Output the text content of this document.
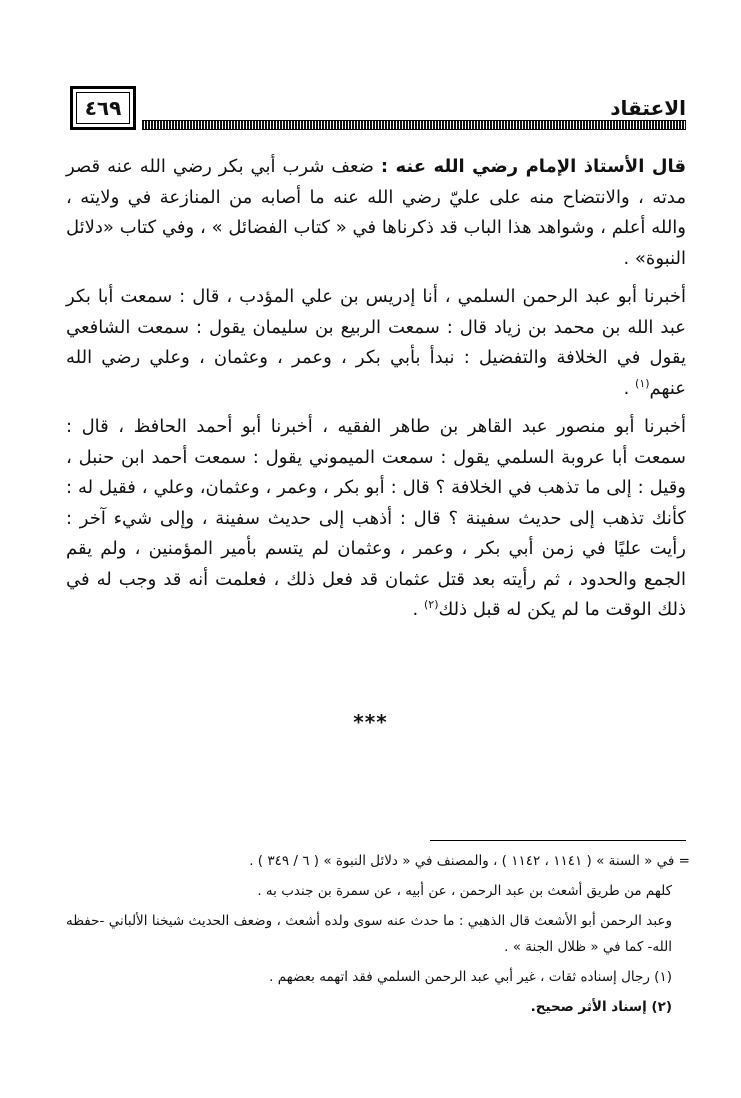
٤٦٩	الاعتقاد

قال الأستاذ الإمام رضي الله عنه : ضعف شرب أبي بكر رضي الله عنه قصر مدته ، والانتضاح منه على عليّ رضي الله عنه ما أصابه من المنازعة في ولايته ، والله أعلم ، وشواهد هذا الباب قد ذكرناها في « كتاب الفضائل » ، وفي كتاب «دلائل النبوة» .

أخبرنا أبو عبد الرحمن السلمي ، أنا إدريس بن علي المؤدب ، قال : سمعت أبا بكر عبد الله بن محمد بن زياد قال : سمعت الربيع بن سليمان يقول : سمعت الشافعي يقول في الخلافة والتفضيل : نبدأ بأبي بكر ، وعمر ، وعثمان ، وعلي رضي الله عنهم$^{(١)}$ .

أخبرنا أبو منصور عبد القاهر بن طاهر الفقيه ، أخبرنا أبو أحمد الحافظ ، قال : سمعت أبا عروبة السلمي يقول : سمعت الميموني يقول : سمعت أحمد ابن حنبل ، وقيل : إلى ما تذهب في الخلافة ؟ قال : أبو بكر ، وعمر ، وعثمان، وعلي ، فقيل له : كأنك تذهب إلى حديث سفينة ؟ قال : أذهب إلى حديث سفينة ، وإلى شيء آخر : رأيت عليًا في زمن أبي بكر ، وعمر ، وعثمان لم يتسم بأمير المؤمنين ، ولم يقم الجمع والحدود ، ثم رأيته بعد قتل عثمان قد فعل ذلك ، فعلمت أنه قد وجب له في ذلك الوقت ما لم يكن له قبل ذلك$^{(٢)}$ .

***

= في « السنة » ( ١١٤١ ، ١١٤٢ ) ، والمصنف في « دلائل النبوة » ( ٦ / ٣٤٩ ) .

كلهم من طريق أشعث بن عبد الرحمن ، عن أبيه ، عن سمرة بن جندب به .

وعبد الرحمن أبو الأشعث قال الذهبي : ما حدث عنه سوى ولده أشعث ، وضعف الحديث شيخنا الألباني -حفظه الله- كما في « ظلال الجنة » .

(١) رجال إسناده ثقات ، غير أبي عبد الرحمن السلمي فقد اتهمه بعضهم .

(٢) إسناد الأثر صحيح.
